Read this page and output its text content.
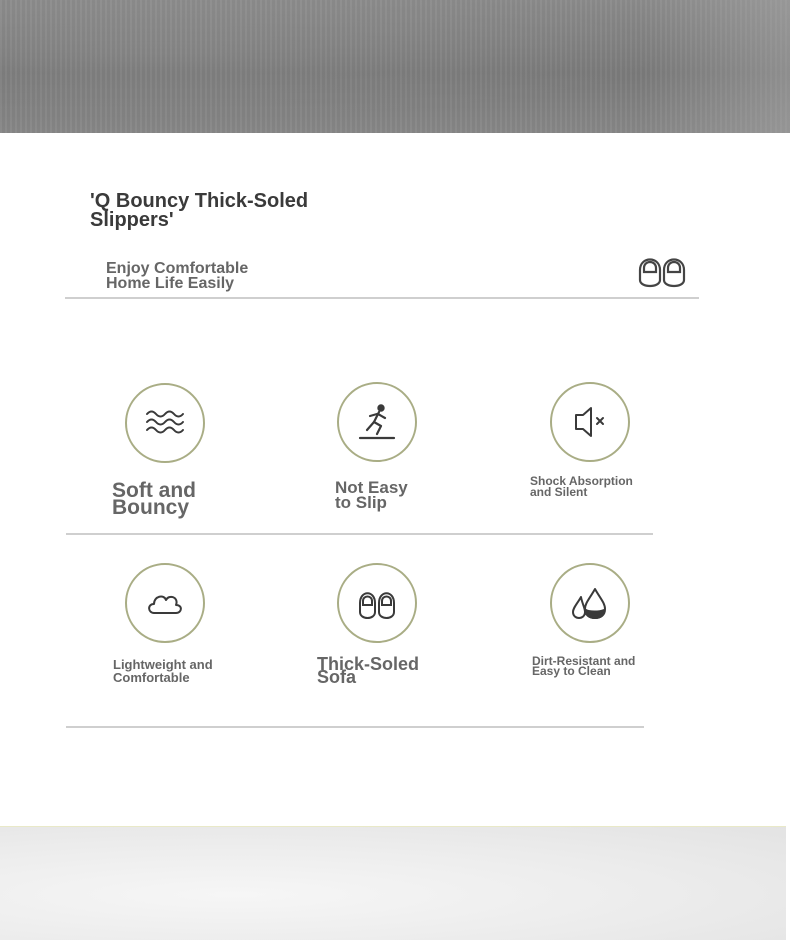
'Q Bouncy Thick-Soled
Slippers'
Enjoy Comfortable
Home Life Easily
Soft and
Bouncy
Not Easy
to Slip
Shock Absorption
and Silent
Lightweight and
Comfortable
Thick-Soled
Sofa
Dirt-Resistant and
Easy to Clean
